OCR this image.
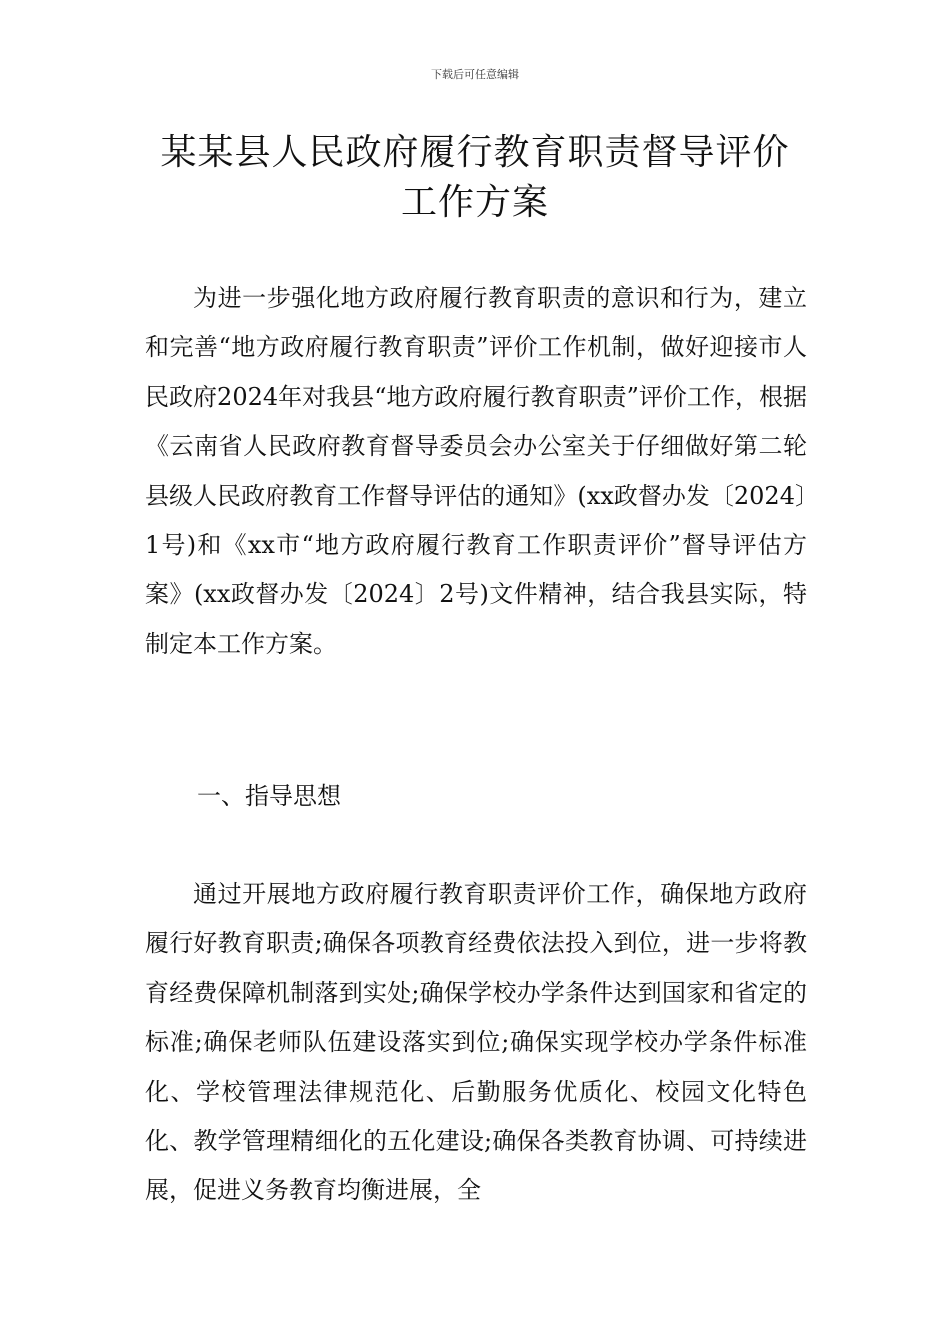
下载后可任意编辑
某某县人民政府履行教育职责督导评价工作方案

为进一步强化地方政府履行教育职责的意识和行为，建立和完善“地方政府履行教育职责”评价工作机制，做好迎接市人民政府2024年对我县“地方政府履行教育职责”评价工作，根据《云南省人民政府教育督导委员会办公室关于仔细做好第二轮县级人民政府教育工作督导评估的通知》(xx政督办发〔2024〕1号)和《xx市“地方政府履行教育工作职责评价”督导评估方案》(xx政督办发〔2024〕2号)文件精神，结合我县实际，特制定本工作方案。

一、指导思想

通过开展地方政府履行教育职责评价工作，确保地方政府履行好教育职责;确保各项教育经费依法投入到位，进一步将教育经费保障机制落到实处;确保学校办学条件达到国家和省定的标准;确保老师队伍建设落实到位;确保实现学校办学条件标准化、学校管理法律规范化、后勤服务优质化、校园文化特色化、教学管理精细化的五化建设;确保各类教育协调、可持续进展，促进义务教育均衡进展，全
